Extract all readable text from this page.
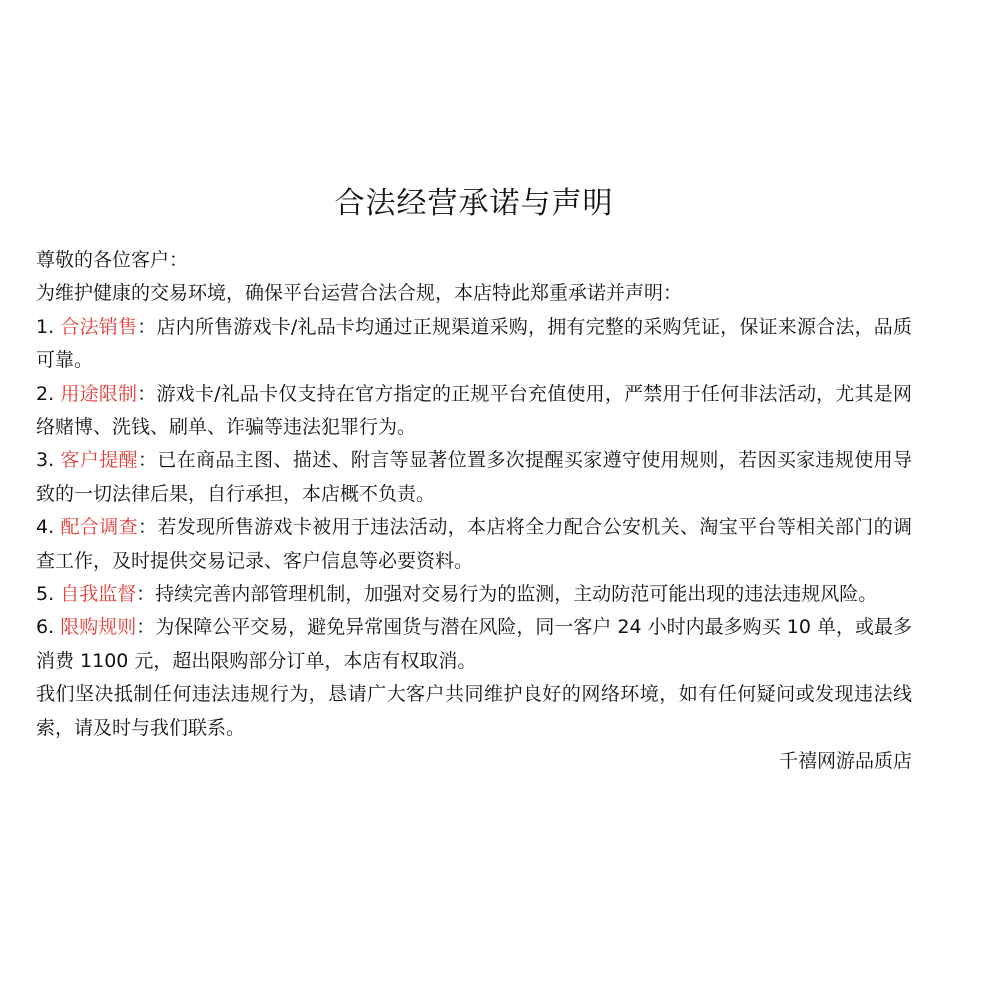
合法经营承诺与声明

尊敬的各位客户：

为维护健康的交易环境，确保平台运营合法合规，本店特此郑重承诺并声明：

1. 合法销售：店内所售游戏卡/礼品卡均通过正规渠道采购，拥有完整的采购凭证，保证来源合法，品质可靠。

2. 用途限制：游戏卡/礼品卡仅支持在官方指定的正规平台充值使用，严禁用于任何非法活动，尤其是网络赌博、洗钱、刷单、诈骗等违法犯罪行为。

3. 客户提醒：已在商品主图、描述、附言等显著位置多次提醒买家遵守使用规则，若因买家违规使用导致的一切法律后果，自行承担，本店概不负责。

4. 配合调查：若发现所售游戏卡被用于违法活动，本店将全力配合公安机关、淘宝平台等相关部门的调查工作，及时提供交易记录、客户信息等必要资料。

5. 自我监督：持续完善内部管理机制，加强对交易行为的监测，主动防范可能出现的违法违规风险。

6. 限购规则：为保障公平交易，避免异常囤货与潜在风险，同一客户 24 小时内最多购买 10 单，或最多消费 1100 元，超出限购部分订单，本店有权取消。

我们坚决抵制任何违法违规行为，恳请广大客户共同维护良好的网络环境，如有任何疑问或发现违法线索，请及时与我们联系。

千禧网游品质店
